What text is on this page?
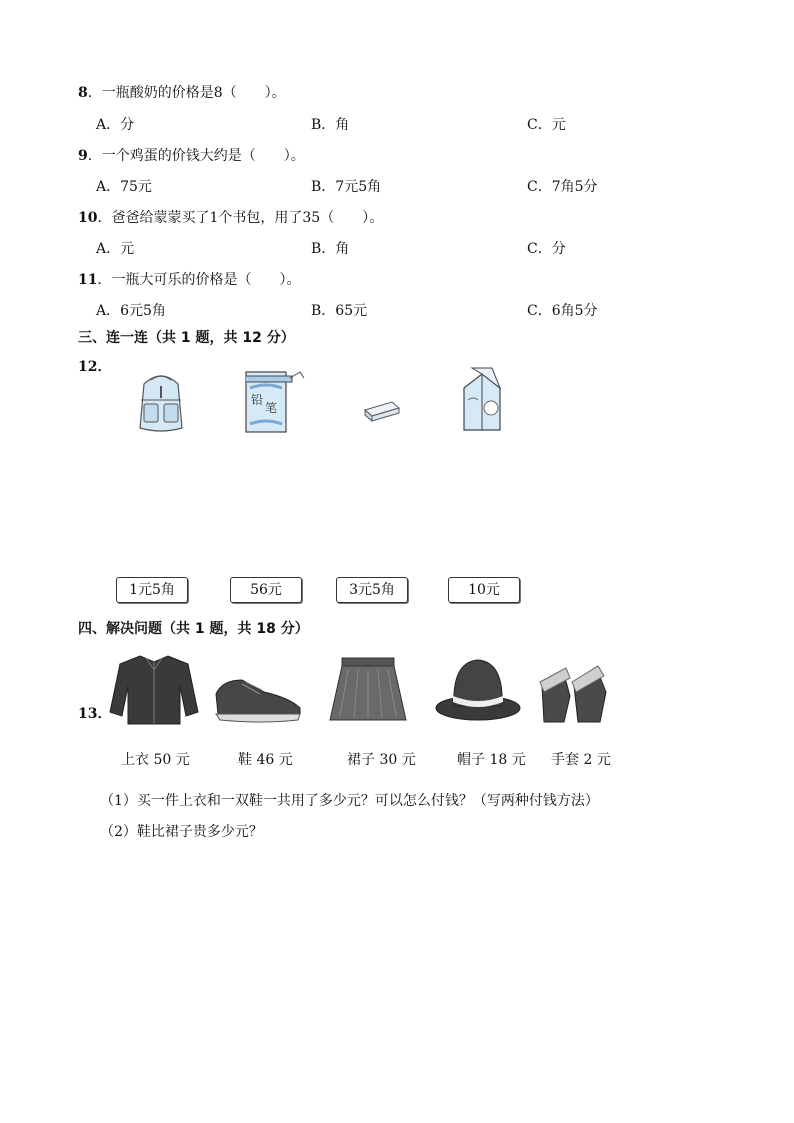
8．一瓶酸奶的价格是8（　　）。
A．分	B．角	C．元
9．一个鸡蛋的价钱大约是（　　）。
A．75元	B．7元5角	C．7角5分
10．爸爸给蒙蒙买了1个书包，用了35（　　）。
A．元	B．角	C．分
11．一瓶大可乐的价格是（　　）。
A．6元5角	B．65元	C．6角5分
三、连一连（共 1 题，共 12 分）
12．
铅
笔
1元5角	56元	3元5角	10元
四、解决问题（共 1 题，共 18 分）
13．
上衣 50 元	鞋 46 元	裙子 30 元	帽子 18 元 手套 2 元
（1）买一件上衣和一双鞋一共用了多少元？可以怎么付钱？（写两种付钱方法）
（2）鞋比裙子贵多少元？
